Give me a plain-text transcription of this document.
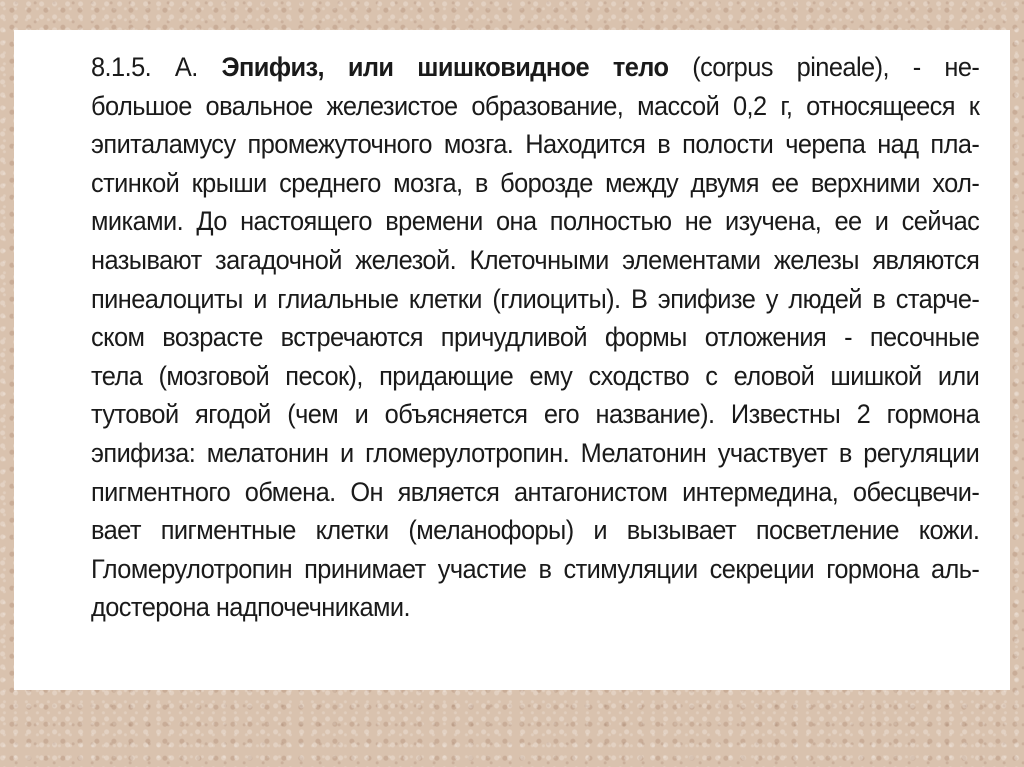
8.1.5. А. Эпифиз, или шишковидное тело (corpus pineale), - не-
большое овальное железистое образование, массой 0,2 г, относящееся к
эпиталамусу промежуточного мозга. Находится в полости черепа над пла-
стинкой крыши среднего мозга, в борозде между двумя ее верхними хол-
миками. До настоящего времени она полностью не изучена, ее и сейчас
называют загадочной железой. Клеточными элементами железы являются
пинеалоциты и глиальные клетки (глиоциты). В эпифизе у людей в старче-
ском возрасте встречаются причудливой формы отложения - песочные
тела (мозговой песок), придающие ему сходство с еловой шишкой или
тутовой ягодой (чем и объясняется его название). Известны 2 гормона
эпифиза: мелатонин и гломерулотропин. Мелатонин участвует в регуляции
пигментного обмена. Он является антагонистом интермедина, обесцвечи-
вает пигментные клетки (меланофоры) и вызывает посветление кожи.
Гломерулотропин принимает участие в стимуляции секреции гормона аль-
достерона надпочечниками.
